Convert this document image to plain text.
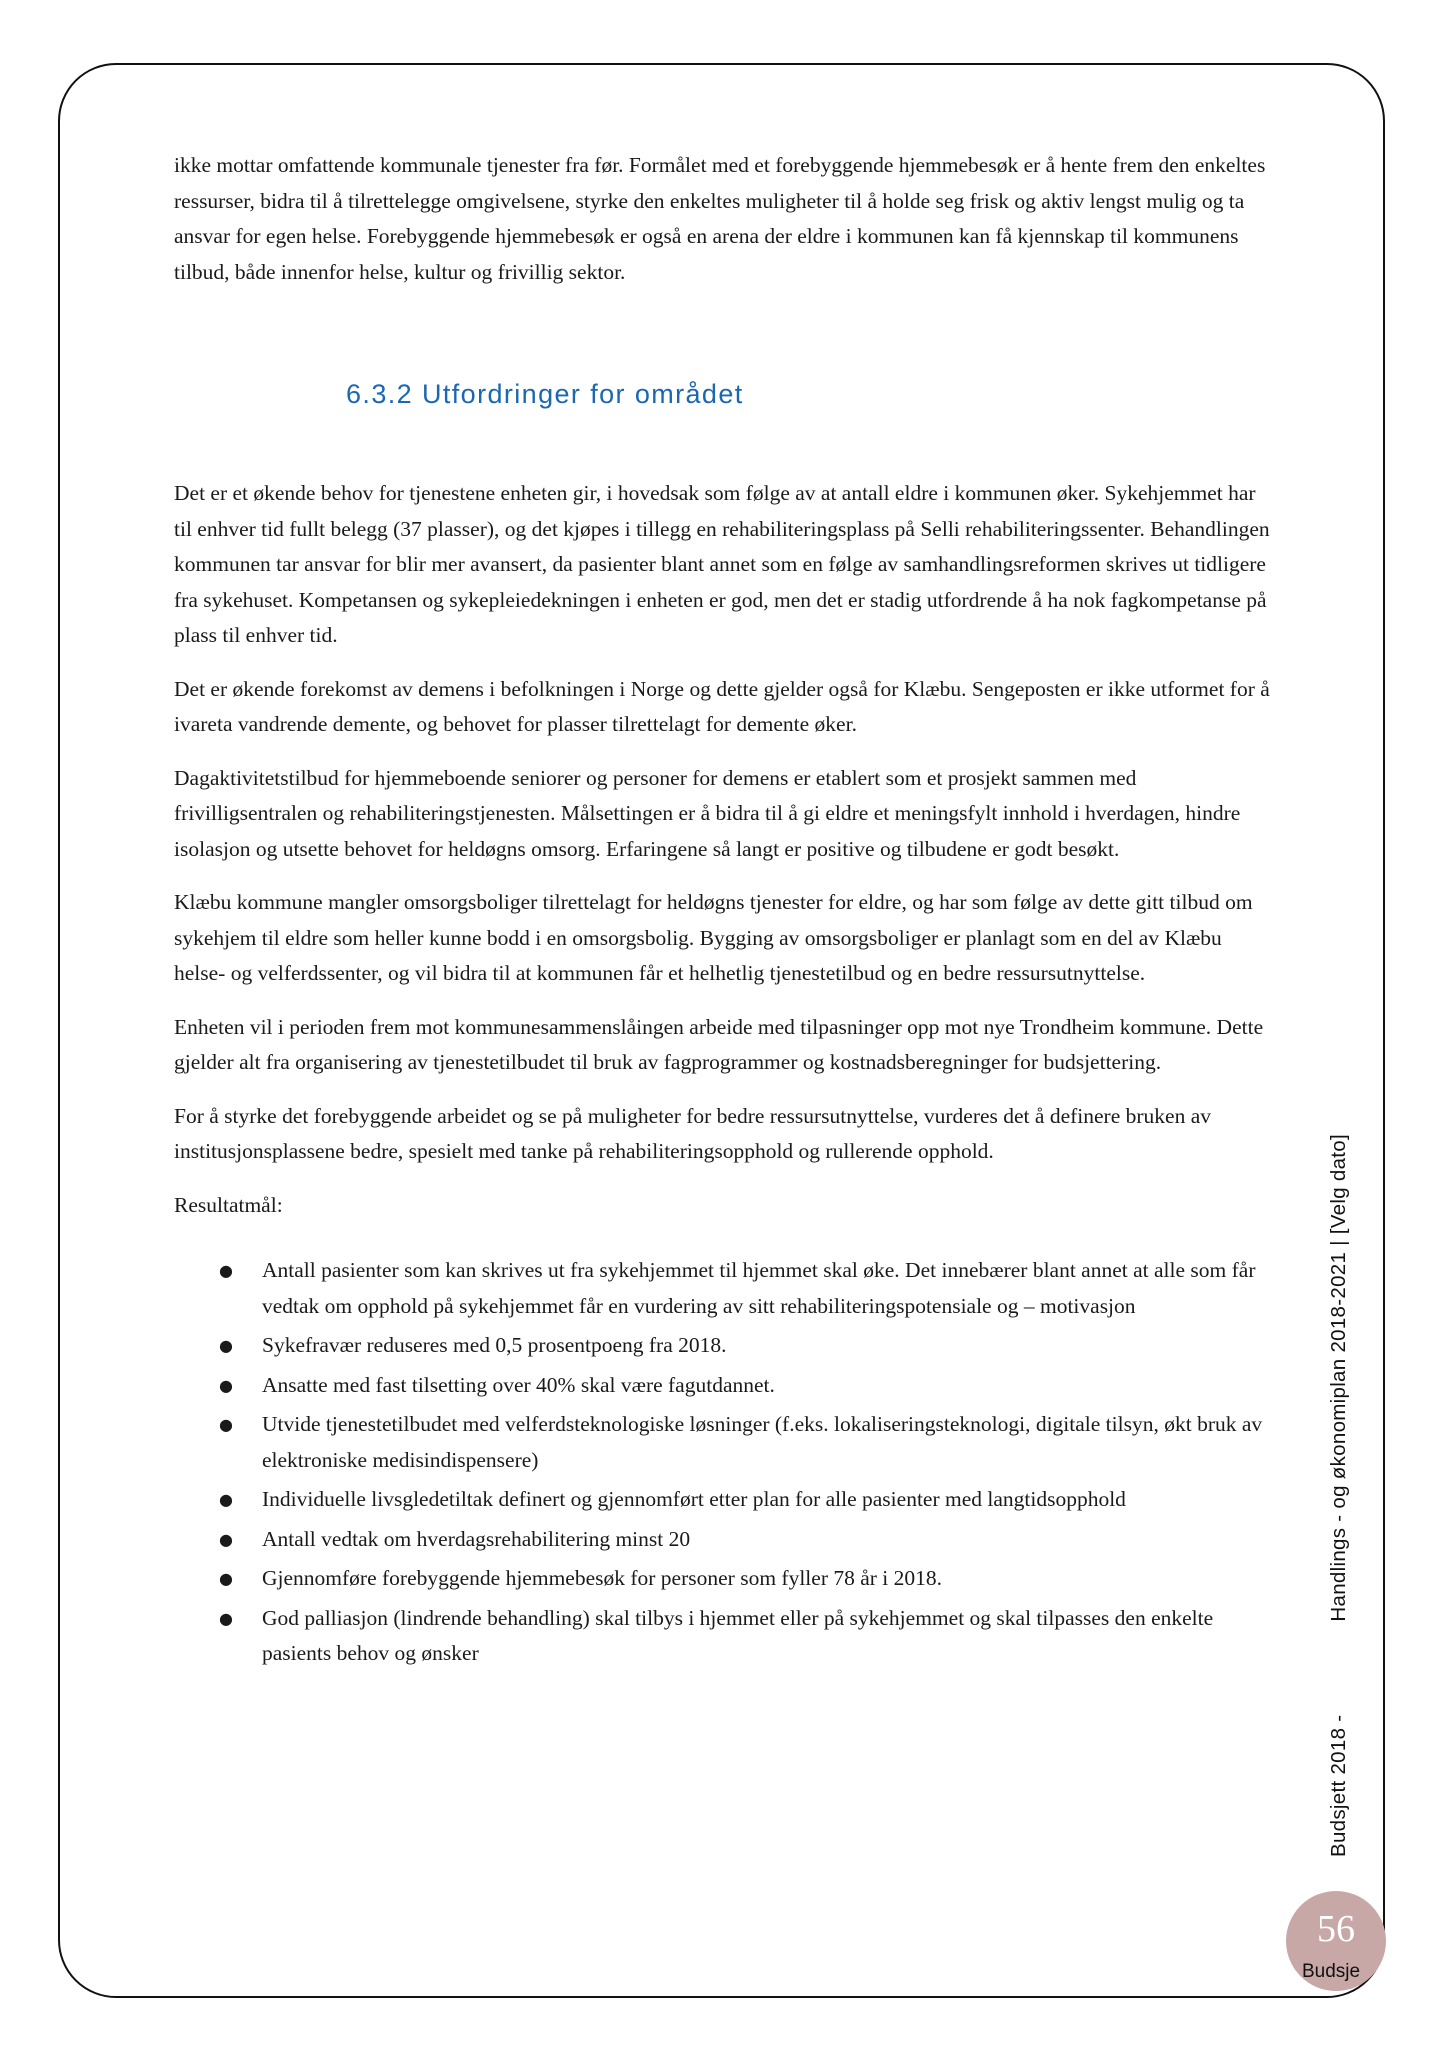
ikke mottar omfattende kommunale tjenester fra før. Formålet med et forebyggende hjemmebesøk er å hente frem den enkeltes ressurser, bidra til å tilrettelegge omgivelsene, styrke den enkeltes muligheter til å holde seg frisk og aktiv lengst mulig og ta ansvar for egen helse. Forebyggende hjemmebesøk er også en arena der eldre i kommunen kan få kjennskap til kommunens tilbud, både innenfor helse, kultur og frivillig sektor.

6.3.2 Utfordringer for området

Det er et økende behov for tjenestene enheten gir, i hovedsak som følge av at antall eldre i kommunen øker. Sykehjemmet har til enhver tid fullt belegg (37 plasser), og det kjøpes i tillegg en rehabiliteringsplass på Selli rehabiliteringssenter. Behandlingen kommunen tar ansvar for blir mer avansert, da pasienter blant annet som en følge av samhandlingsreformen skrives ut tidligere fra sykehuset. Kompetansen og sykepleiedekningen i enheten er god, men det er stadig utfordrende å ha nok fagkompetanse på plass til enhver tid.

Det er økende forekomst av demens i befolkningen i Norge og dette gjelder også for Klæbu. Sengeposten er ikke utformet for å ivareta vandrende demente, og behovet for plasser tilrettelagt for demente øker.

Dagaktivitetstilbud for hjemmeboende seniorer og personer for demens er etablert som et prosjekt sammen med frivilligsentralen og rehabiliteringstjenesten. Målsettingen er å bidra til å gi eldre et meningsfylt innhold i hverdagen, hindre isolasjon og utsette behovet for heldøgns omsorg. Erfaringene så langt er positive og tilbudene er godt besøkt.

Klæbu kommune mangler omsorgsboliger tilrettelagt for heldøgns tjenester for eldre, og har som følge av dette gitt tilbud om sykehjem til eldre som heller kunne bodd i en omsorgsbolig. Bygging av omsorgsboliger er planlagt som en del av Klæbu helse- og velferdssenter, og vil bidra til at kommunen får et helhetlig tjenestetilbud og en bedre ressursutnyttelse.

Enheten vil i perioden frem mot kommunesammenslåingen arbeide med tilpasninger opp mot nye Trondheim kommune. Dette gjelder alt fra organisering av tjenestetilbudet til bruk av fagprogrammer og kostnadsberegninger for budsjettering.

For å styrke det forebyggende arbeidet og se på muligheter for bedre ressursutnyttelse, vurderes det å definere bruken av institusjonsplassene bedre, spesielt med tanke på rehabiliteringsopphold og rullerende opphold.

Resultatmål:

● Antall pasienter som kan skrives ut fra sykehjemmet til hjemmet skal øke. Det innebærer blant annet at alle som får vedtak om opphold på sykehjemmet får en vurdering av sitt rehabiliteringspotensiale og – motivasjon
● Sykefravær reduseres med 0,5 prosentpoeng fra 2018.
● Ansatte med fast tilsetting over 40% skal være fagutdannet.
● Utvide tjenestetilbudet med velferdsteknologiske løsninger (f.eks. lokaliseringsteknologi, digitale tilsyn, økt bruk av elektroniske medisindispensere)
● Individuelle livsgledetiltak definert og gjennomført etter plan for alle pasienter med langtidsopphold
● Antall vedtak om hverdagsrehabilitering minst 20
● Gjennomføre forebyggende hjemmebesøk for personer som fyller 78 år i 2018.
● God palliasjon (lindrende behandling) skal tilbys i hjemmet eller på sykehjemmet og skal tilpasses den enkelte pasients behov og ønsker
Budsjett 2018 -Handlings - og økonomiplan 2018-2021 | [Velg dato]
56
Budsje
